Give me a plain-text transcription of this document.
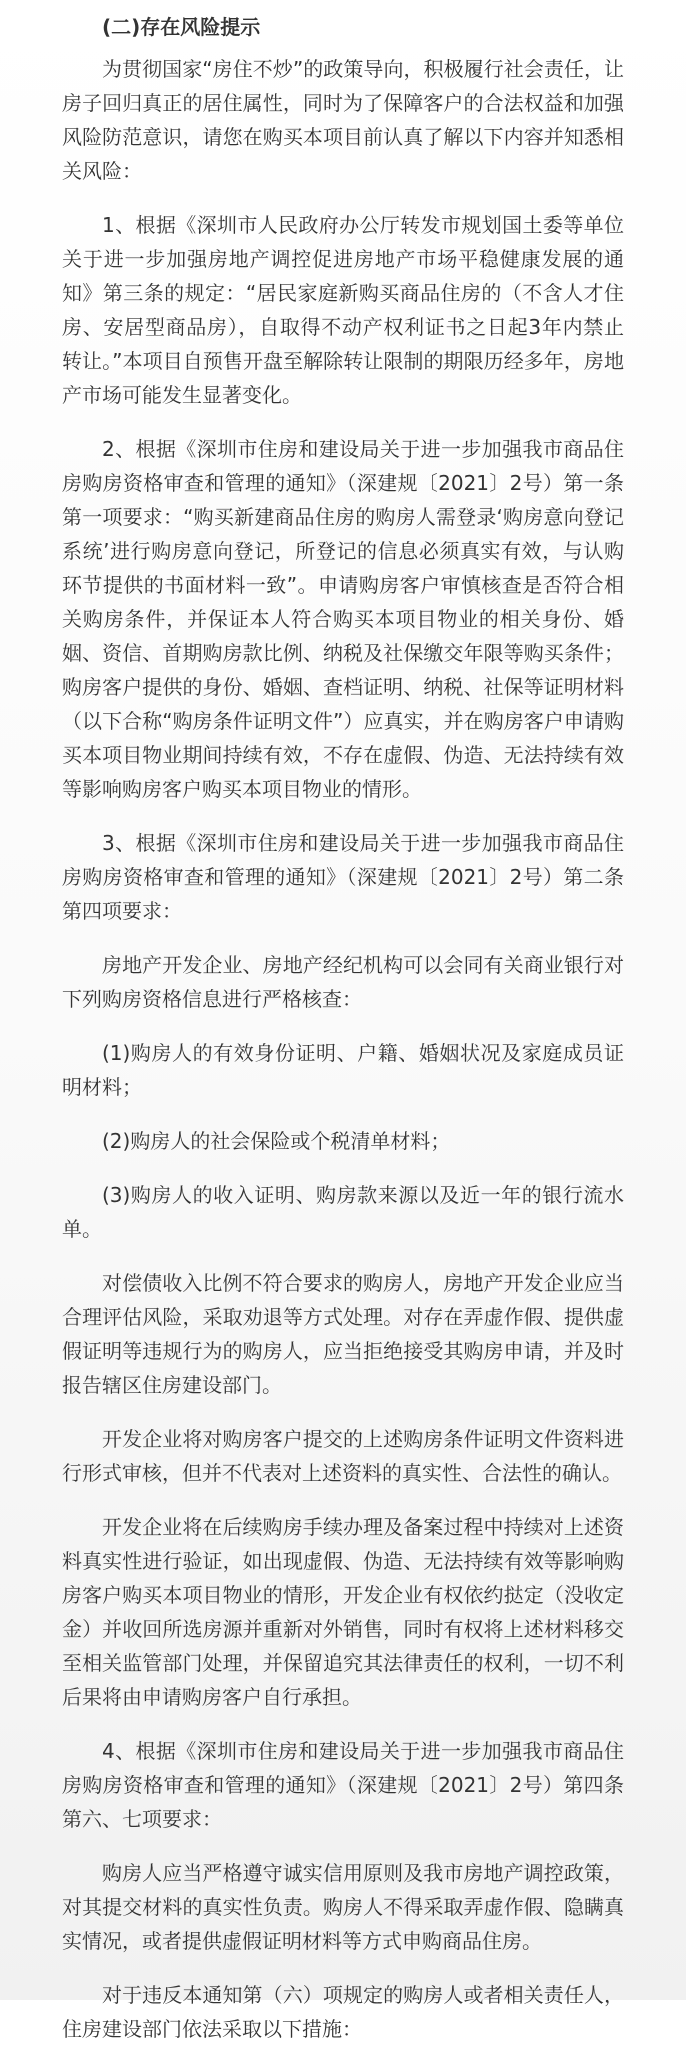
(二)存在风险提示
为贯彻国家“房住不炒”的政策导向，积极履行社会责任，让房子回归真正的居住属性，同时为了保障客户的合法权益和加强风险防范意识，请您在购买本项目前认真了解以下内容并知悉相关风险：
1、根据《深圳市人民政府办公厅转发市规划国土委等单位关于进一步加强房地产调控促进房地产市场平稳健康发展的通知》第三条的规定：“居民家庭新购买商品住房的（不含人才住房、安居型商品房），自取得不动产权利证书之日起3年内禁止转让。”本项目自预售开盘至解除转让限制的期限历经多年，房地产市场可能发生显著变化。
2、根据《深圳市住房和建设局关于进一步加强我市商品住房购房资格审查和管理的通知》（深建规〔2021〕2号）第一条第一项要求：“购买新建商品住房的购房人需登录‘购房意向登记系统’进行购房意向登记，所登记的信息必须真实有效，与认购环节提供的书面材料一致”。申请购房客户审慎核查是否符合相关购房条件，并保证本人符合购买本项目物业的相关身份、婚姻、资信、首期购房款比例、纳税及社保缴交年限等购买条件；购房客户提供的身份、婚姻、查档证明、纳税、社保等证明材料（以下合称“购房条件证明文件”）应真实，并在购房客户申请购买本项目物业期间持续有效，不存在虚假、伪造、无法持续有效等影响购房客户购买本项目物业的情形。
3、根据《深圳市住房和建设局关于进一步加强我市商品住房购房资格审查和管理的通知》（深建规〔2021〕2号）第二条第四项要求：
房地产开发企业、房地产经纪机构可以会同有关商业银行对下列购房资格信息进行严格核查：
(1)购房人的有效身份证明、户籍、婚姻状况及家庭成员证明材料；
(2)购房人的社会保险或个税清单材料；
(3)购房人的收入证明、购房款来源以及近一年的银行流水单。
对偿债收入比例不符合要求的购房人，房地产开发企业应当合理评估风险，采取劝退等方式处理。对存在弄虚作假、提供虚假证明等违规行为的购房人，应当拒绝接受其购房申请，并及时报告辖区住房建设部门。
开发企业将对购房客户提交的上述购房条件证明文件资料进行形式审核，但并不代表对上述资料的真实性、合法性的确认。
开发企业将在后续购房手续办理及备案过程中持续对上述资料真实性进行验证，如出现虚假、伪造、无法持续有效等影响购房客户购买本项目物业的情形，开发企业有权依约挞定（没收定金）并收回所选房源并重新对外销售，同时有权将上述材料移交至相关监管部门处理，并保留追究其法律责任的权利，一切不利后果将由申请购房客户自行承担。
4、根据《深圳市住房和建设局关于进一步加强我市商品住房购房资格审查和管理的通知》（深建规〔2021〕2号）第四条第六、七项要求：
购房人应当严格遵守诚实信用原则及我市房地产调控政策，对其提交材料的真实性负责。购房人不得采取弄虚作假、隐瞒真实情况，或者提供虚假证明材料等方式申购商品住房。
对于违反本通知第（六）项规定的购房人或者相关责任人，住房建设部门依法采取以下措施：
